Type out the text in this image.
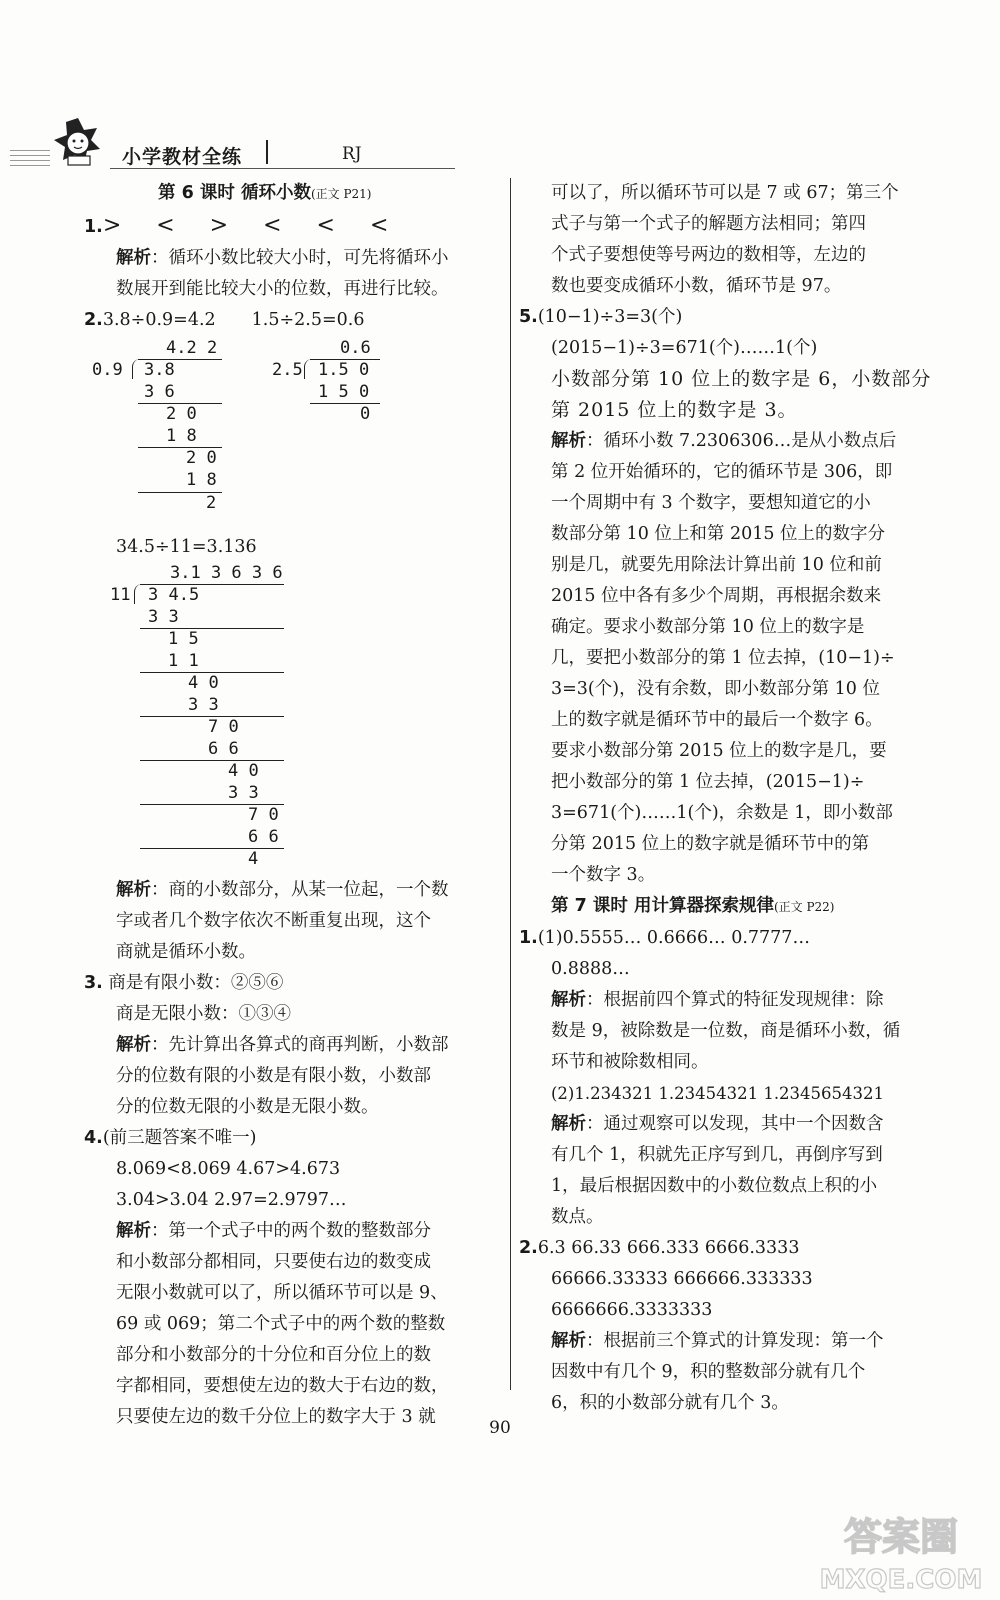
小学教材全练	RJ

第 6 课时 循环小数(正文 P21)

1.> < > < < <

解析：循环小数比较大小时，可先将循环小

数展开到能比较大小的位数，再进行比较。

2.3.8÷0.9=4.2 1.5÷2.5=0.6

4.2 2
0.9 3.8
3 6
2 0
1 8
2 0
1 8
0.6
2.5 1.5 0
1 5 0
0
2

34.5÷11=3.136

3.1 3 6 3 6
11 3 4.5
3 3
1 5
1 1
4 0
3 3
7 0
6 6
4 0
3 3
7 0
6 6
4

解析：商的小数部分，从某一位起，一个数

字或者几个数字依次不断重复出现，这个

商就是循环小数。

3. 商是有限小数：②⑤⑥

商是无限小数：①③④

解析：先计算出各算式的商再判断，小数部

分的位数有限的小数是有限小数，小数部

分的位数无限的小数是无限小数。

4.(前三题答案不唯一)

8.069<8.069 4.67>4.673

3.04>3.04 2.97=2.9797…

解析：第一个式子中的两个数的整数部分

和小数部分都相同，只要使右边的数变成

无限小数就可以了，所以循环节可以是 9、

69 或 069；第二个式子中的两个数的整数

部分和小数部分的十分位和百分位上的数

字都相同，要想使左边的数大于右边的数，

只要使左边的数千分位上的数字大于 3 就

可以了，所以循环节可以是 7 或 67；第三个

式子与第一个式子的解题方法相同；第四

个式子要想使等号两边的数相等，左边的

数也要变成循环小数，循环节是 97。

5.(10−1)÷3=3(个)

(2015−1)÷3=671(个)……1(个)

小数部分第 10 位上的数字是 6，小数部分

第 2015 位上的数字是 3。

解析：循环小数 7.2306306…是从小数点后

第 2 位开始循环的，它的循环节是 306，即

一个周期中有 3 个数字，要想知道它的小

数部分第 10 位上和第 2015 位上的数字分

别是几，就要先用除法计算出前 10 位和前

2015 位中各有多少个周期，再根据余数来

确定。要求小数部分第 10 位上的数字是

几，要把小数部分的第 1 位去掉，(10−1)÷

3=3(个)，没有余数，即小数部分第 10 位

上的数字就是循环节中的最后一个数字 6。

要求小数部分第 2015 位上的数字是几，要

把小数部分的第 1 位去掉，(2015−1)÷

3=671(个)……1(个)，余数是 1，即小数部

分第 2015 位上的数字就是循环节中的第

一个数字 3。

第 7 课时 用计算器探索规律(正文 P22)

1.(1)0.5555… 0.6666… 0.7777…

0.8888…

解析：根据前四个算式的特征发现规律：除

数是 9，被除数是一位数，商是循环小数，循

环节和被除数相同。

(2)1.234321 1.23454321 1.2345654321

解析：通过观察可以发现，其中一个因数含

有几个 1，积就先正序写到几，再倒序写到

1，最后根据因数中的小数位数点上积的小

数点。

2.6.3 66.33 666.333 6666.3333

66666.33333 666666.333333

6666666.3333333

解析：根据前三个算式的计算发现：第一个

因数中有几个 9，积的整数部分就有几个

6，积的小数部分就有几个 3。

90
答案圈
MXQE.COM
